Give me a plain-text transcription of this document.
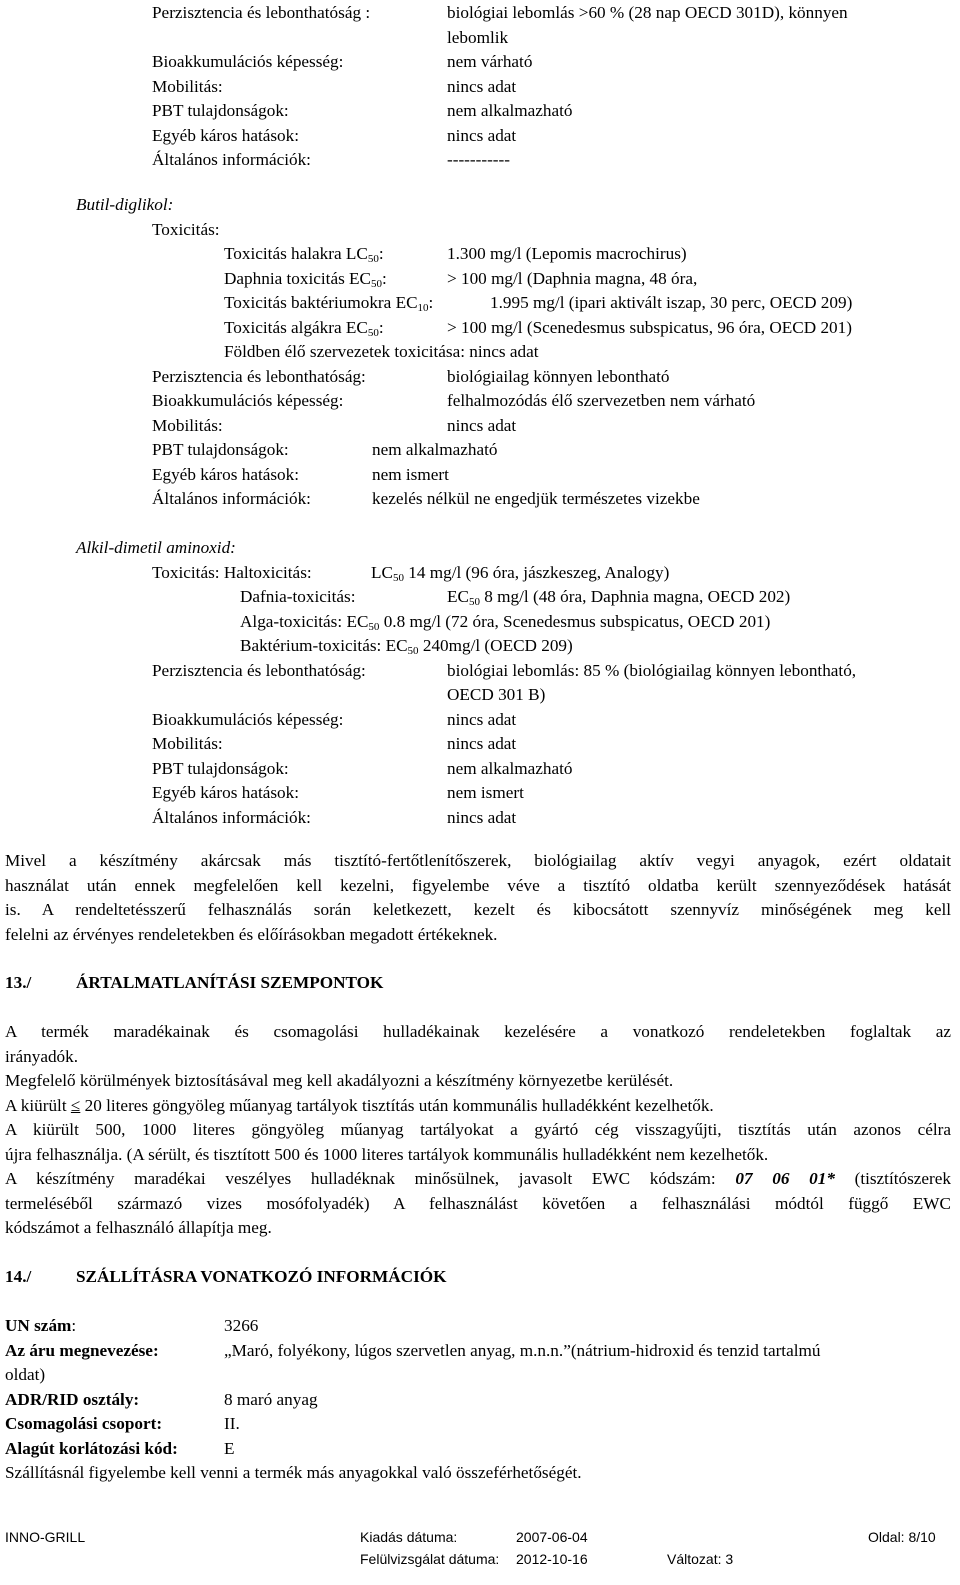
Perzisztencia és lebonthatóság :	biológiai lebomlás >60 % (28 nap OECD 301D), könnyen
lebomlik
Bioakkumulációs képesség:	nem várható
Mobilitás:	nincs adat
PBT tulajdonságok:	nem alkalmazható
Egyéb káros hatások:	nincs adat
Általános információk:	-----------
Butil-diglikol:
Toxicitás:
Toxicitás halakra $LC_{50}$:	1.300 mg/l (Lepomis macrochirus)
Daphnia toxicitás $EC_{50}$:	> 100 mg/l (Daphnia magna, 48 óra,
Toxicitás baktériumokra $EC_{10}$:	1.995 mg/l (ipari aktivált iszap, 30 perc, OECD 209)
Toxicitás algákra $EC_{50}$:	> 100 mg/l (Scenedesmus subspicatus, 96 óra, OECD 201)
Földben élő szervezetek toxicitása: nincs adat
Perzisztencia és lebonthatóság:	biológiailag könnyen lebontható
Bioakkumulációs képesség:	felhalmozódás élő szervezetben nem várható
Mobilitás:	nincs adat
PBT tulajdonságok:	nem alkalmazható
Egyéb káros hatások:	nem ismert
Általános információk:	kezelés nélkül ne engedjük természetes vizekbe
Alkil-dimetil aminoxid:
Toxicitás: Haltoxicitás:	$LC_{50}$ 14 mg/l (96 óra, jászkeszeg, Analogy)
Dafnia-toxicitás:	$EC_{50}$ 8 mg/l (48 óra, Daphnia magna, OECD 202)
Alga-toxicitás: $EC_{50}$ 0.8 mg/l (72 óra, Scenedesmus subspicatus, OECD 201)
Baktérium-toxicitás: $EC_{50}$ 240mg/l (OECD 209)
Perzisztencia és lebonthatóság:	biológiai lebomlás: 85 % (biológiailag könnyen lebontható,
OECD 301 B)
Bioakkumulációs képesség:	nincs adat
Mobilitás:	nincs adat
PBT tulajdonságok:	nem alkalmazható
Egyéb káros hatások:	nem ismert
Általános információk:	nincs adat
Mivel a készítmény akárcsak más tisztító-fertőtlenítőszerek, biológiailag aktív vegyi anyagok, ezért oldatait
használat után ennek megfelelően kell kezelni, figyelembe véve a tisztító oldatba került szennyeződések hatását
is. A rendeltetésszerű felhasználás során keletkezett, kezelt és kibocsátott szennyvíz minőségének meg kell
felelni az érvényes rendeletekben és előírásokban megadott értékeknek.
13./	ÁRTALMATLANÍTÁSI SZEMPONTOK
A termék maradékainak és csomagolási hulladékainak kezelésére a vonatkozó rendeletekben foglaltak az
irányadók.
Megfelelő körülmények biztosításával meg kell akadályozni a készítmény környezetbe kerülését.
A kiürült ≤ 20 literes göngyöleg műanyag tartályok tisztítás után kommunális hulladékként kezelhetők.
A kiürült 500, 1000 literes göngyöleg műanyag tartályokat a gyártó cég visszagyűjti, tisztítás után azonos célra
újra felhasználja. (A sérült, és tisztított 500 és 1000 literes tartályok kommunális hulladékként nem kezelhetők.
A készítmény maradékai veszélyes hulladéknak minősülnek, javasolt EWC kódszám: 07 06 01* (tisztítószerek
termeléséből származó vizes mosófolyadék) A felhasználást követően a felhasználási módtól függő EWC
kódszámot a felhasználó állapítja meg.
14./	SZÁLLÍTÁSRA VONATKOZÓ INFORMÁCIÓK
UN szám:	3266
Az áru megnevezése:	„Maró, folyékony, lúgos szervetlen anyag, m.n.n.”(nátrium-hidroxid és tenzid tartalmú
oldat)
ADR/RID osztály:	8 maró anyag
Csomagolási csoport:	II.
Alagút korlátozási kód:	E
Szállításnál figyelembe kell venni a termék más anyagokkal való összeférhetőségét.
INNO-GRILL	Kiadás dátuma:	2007-06-04	Oldal: 8/10
Felülvizsgálat dátuma: 2012-10-16	Változat: 3
